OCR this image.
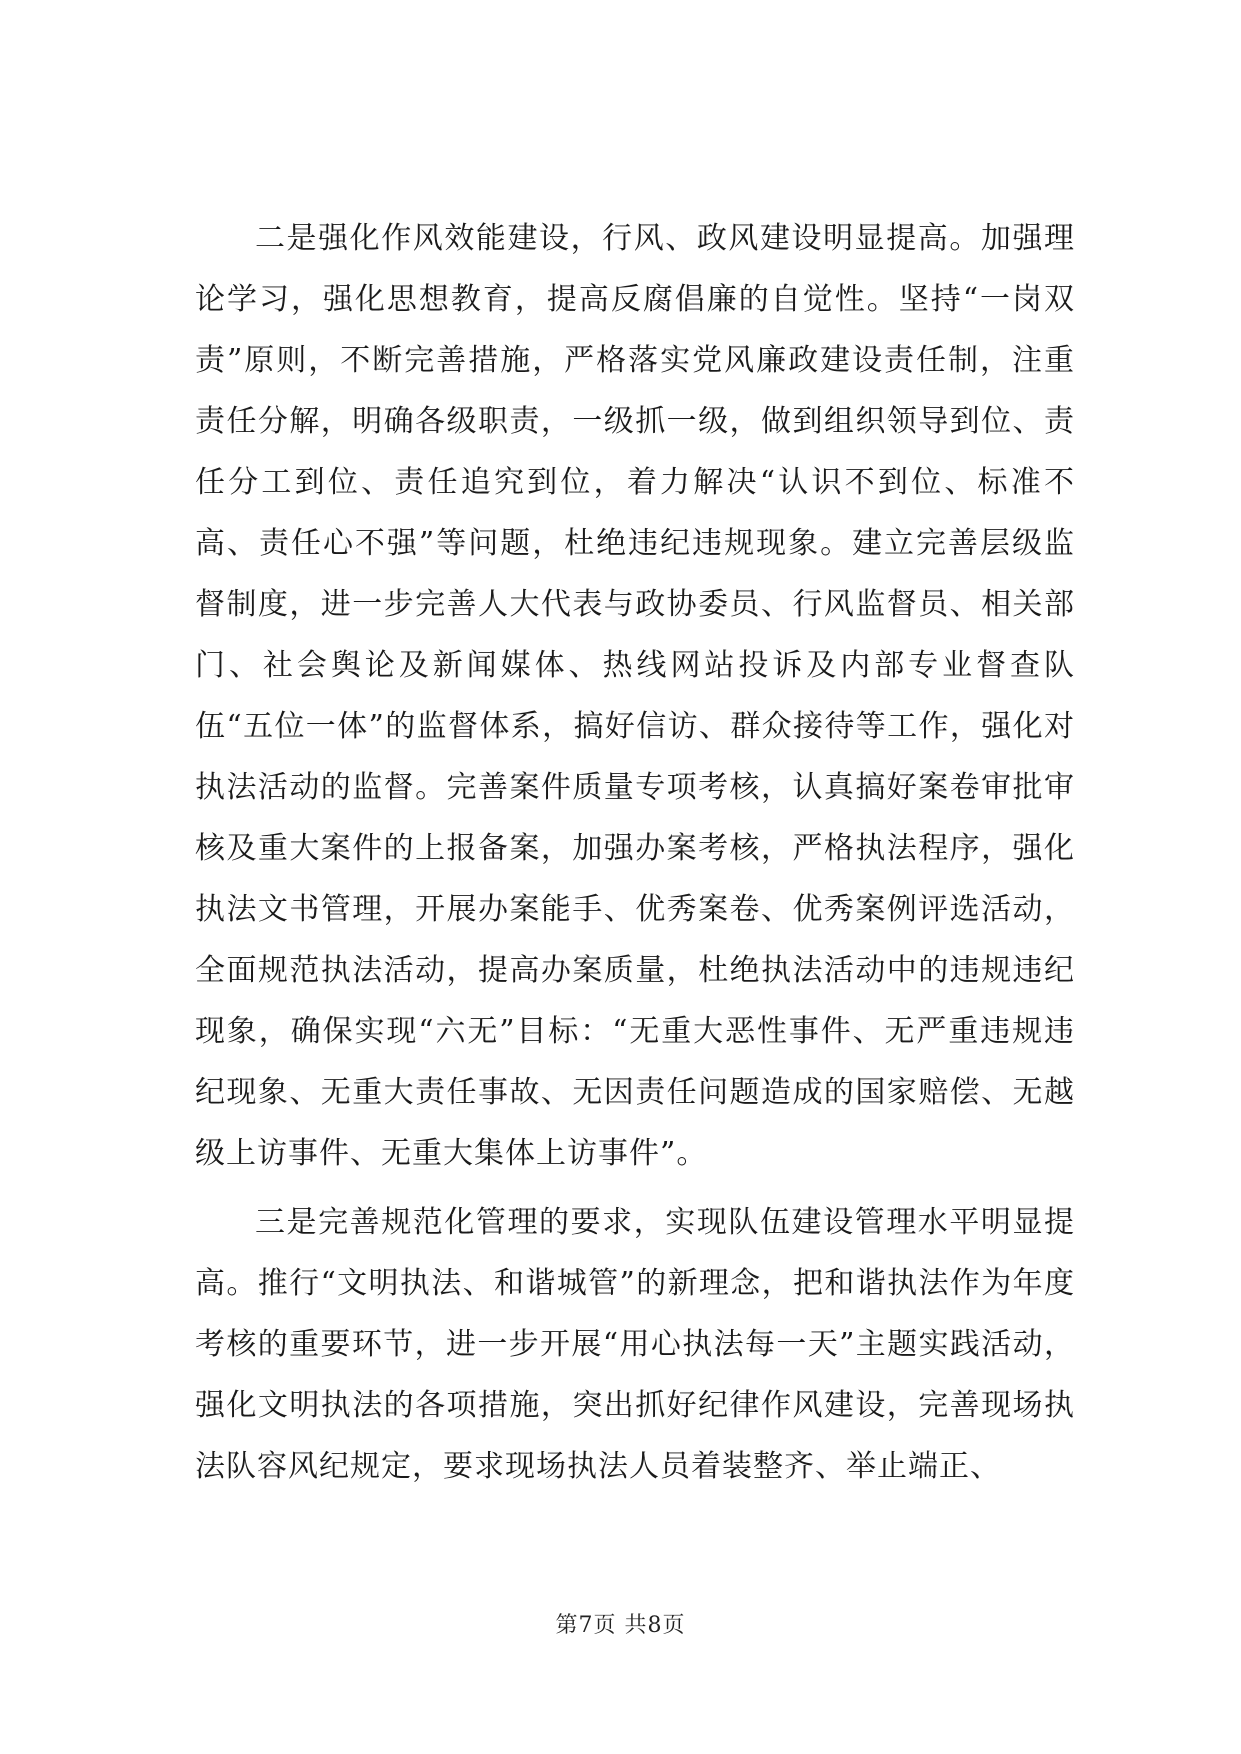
二是强化作风效能建设，行风、政风建设明显提高。加强理论学习，强化思想教育，提高反腐倡廉的自觉性。坚持“一岗双责”原则，不断完善措施，严格落实党风廉政建设责任制，注重责任分解，明确各级职责，一级抓一级，做到组织领导到位、责任分工到位、责任追究到位，着力解决“认识不到位、标准不高、责任心不强”等问题，杜绝违纪违规现象。建立完善层级监督制度，进一步完善人大代表与政协委员、行风监督员、相关部门、社会舆论及新闻媒体、热线网站投诉及内部专业督查队伍“五位一体”的监督体系，搞好信访、群众接待等工作，强化对执法活动的监督。完善案件质量专项考核，认真搞好案卷审批审核及重大案件的上报备案，加强办案考核，严格执法程序，强化执法文书管理，开展办案能手、优秀案卷、优秀案例评选活动，全面规范执法活动，提高办案质量，杜绝执法活动中的违规违纪现象，确保实现“六无”目标：“无重大恶性事件、无严重违规违纪现象、无重大责任事故、无因责任问题造成的国家赔偿、无越级上访事件、无重大集体上访事件”。

三是完善规范化管理的要求，实现队伍建设管理水平明显提高。推行“文明执法、和谐城管”的新理念，把和谐执法作为年度考核的重要环节，进一步开展“用心执法每一天”主题实践活动，强化文明执法的各项措施，突出抓好纪律作风建设，完善现场执法队容风纪规定，要求现场执法人员着装整齐、举止端正、

第7页 共8页
